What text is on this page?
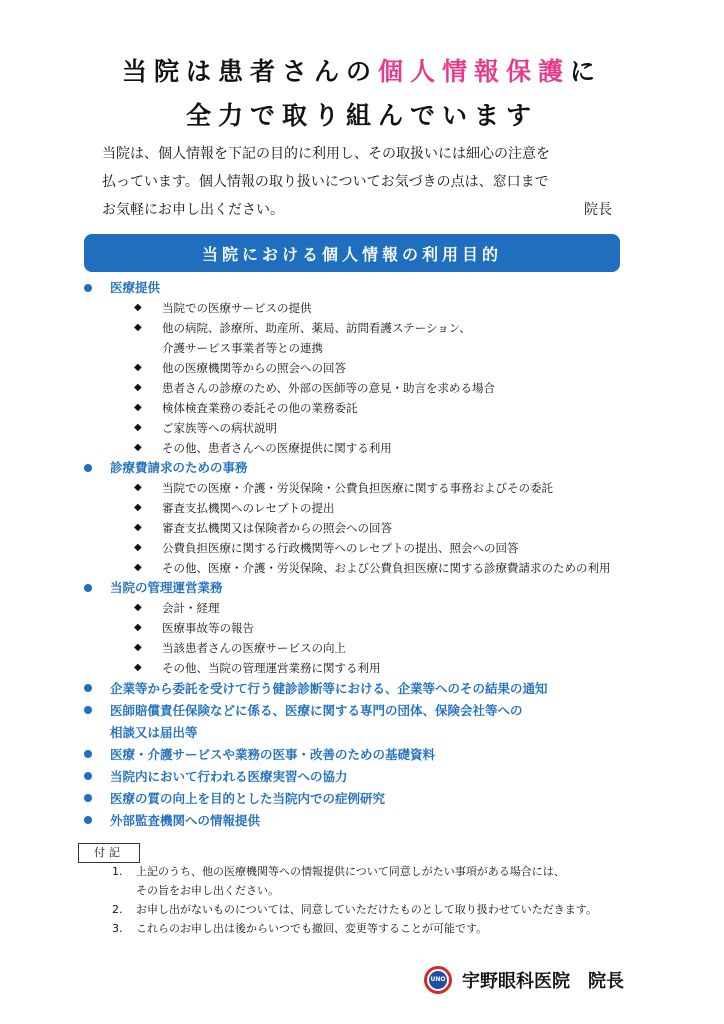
当院は患者さんの個人情報保護に
全力で取り組んでいます

当院は、個人情報を下記の目的に利用し、その取扱いには細心の注意を

払っています。個人情報の取り扱いについてお気づきの点は、窓口まで

お気軽にお申し出ください。	院長

当院における個人情報の利用目的
医療提供
◆ 当院での医療サービスの提供
◆ 他の病院、診療所、助産所、薬局、訪問看護ステーション、
介護サービス事業者等との連携
◆ 他の医療機関等からの照会への回答
◆ 患者さんの診療のため、外部の医師等の意見・助言を求める場合
◆ 検体検査業務の委託その他の業務委託
◆ ご家族等への病状説明
◆ その他、患者さんへの医療提供に関する利用
診療費請求のための事務
◆ 当院での医療・介護・労災保険・公費負担医療に関する事務およびその委託
◆ 審査支払機関へのレセプトの提出
◆ 審査支払機関又は保険者からの照会への回答
◆ 公費負担医療に関する行政機関等へのレセプトの提出、照会への回答
◆ その他、医療・介護・労災保険、および公費負担医療に関する診療費請求のための利用
当院の管理運営業務
◆ 会計・経理
◆ 医療事故等の報告
◆ 当該患者さんの医療サービスの向上
◆ その他、当院の管理運営業務に関する利用
企業等から委託を受けて行う健診診断等における、企業等へのその結果の通知
医師賠償責任保険などに係る、医療に関する専門の団体、保険会社等への
相談又は届出等
医療・介護サービスや業務の医事・改善のための基礎資料
当院内において行われる医療実習への協力
医療の質の向上を目的とした当院内での症例研究
外部監査機関への情報提供
付記
1.	上記のうち、他の医療機関等への情報提供について同意しがたい事項がある場合には、
その旨をお申し出ください。
2.	お申し出がないものについては、同意していただけたものとして取り扱わせていただきます。
3.	これらのお申し出は後からいつでも撤回、変更等することが可能です。
UNO 宇野眼科医院 院長
